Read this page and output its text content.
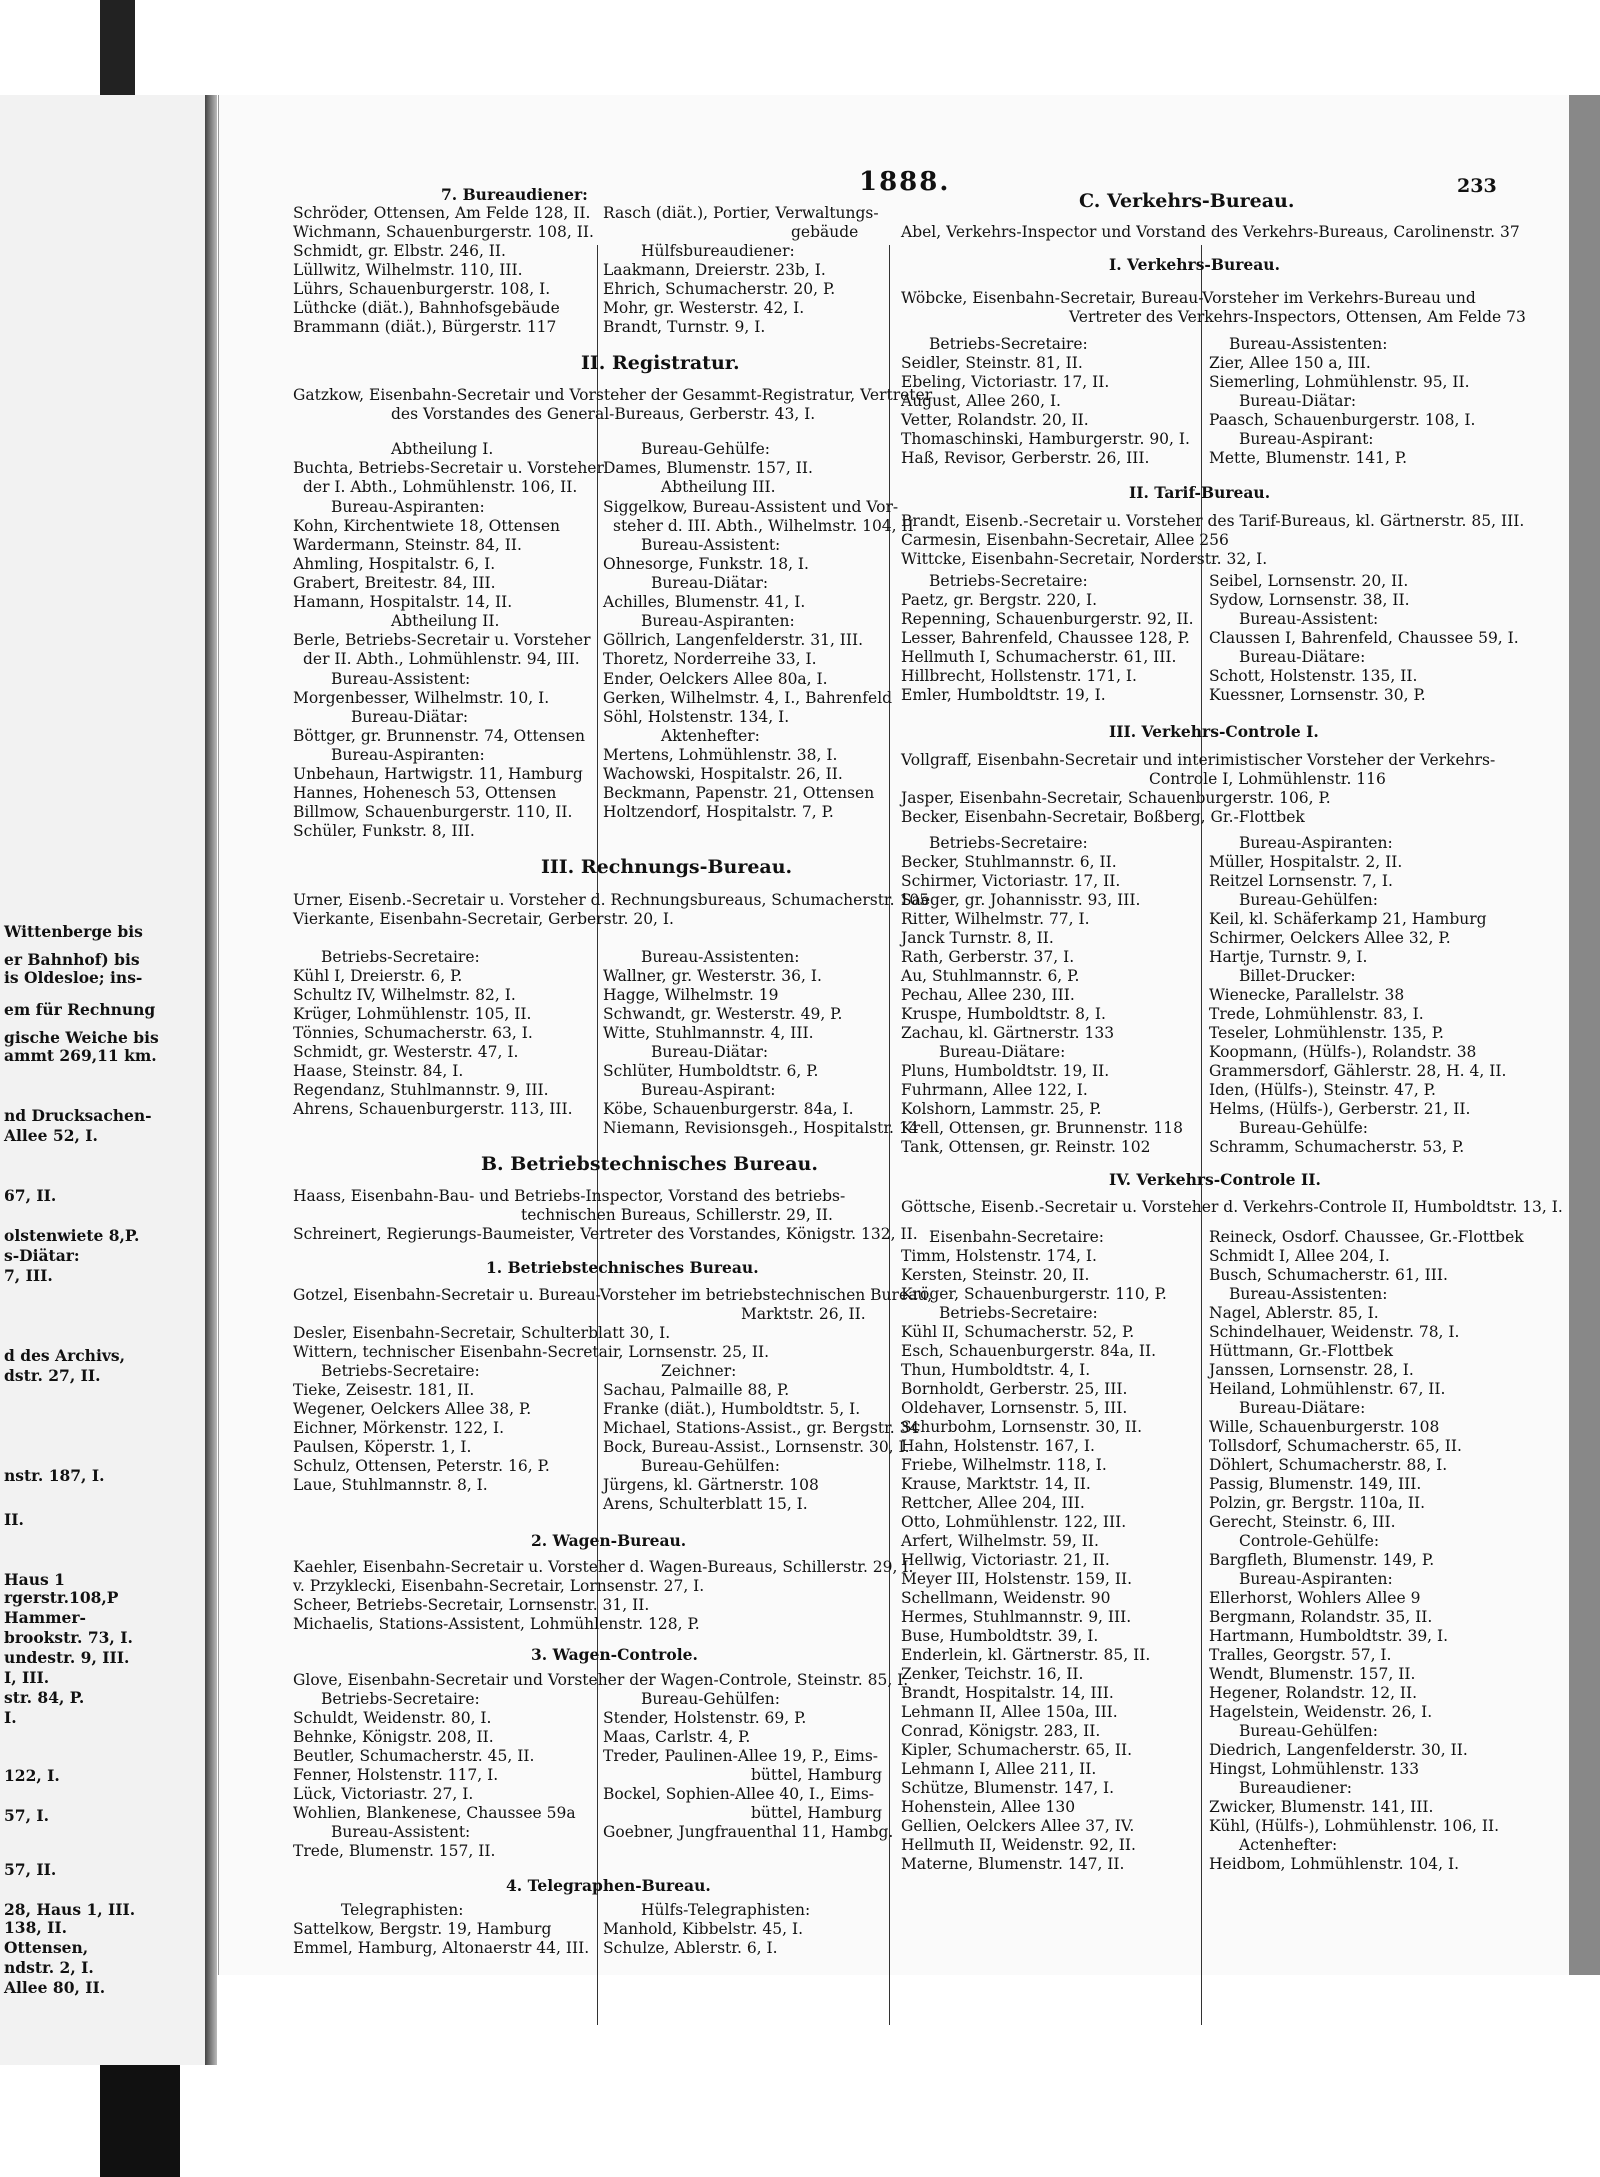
Wittenberge bis
er Bahnhof) bis
is Oldesloe; ins-
em für Rechnung
gische Weiche bis
ammt 269,11 km.
nd Drucksachen-
Allee 52, I.
67, II.
olstenwiete 8,P.
s-Diätar:
7, III.
d des Archivs,
dstr. 27, II.
nstr. 187, I.
II.
Haus 1
rgerstr.108,P
Hammer-
brookstr. 73, I.
undestr. 9, III.
I, III.
str. 84, P.
I.
122, I.
57, I.
57, II.
28, Haus 1, III.
138, II.
Ottensen,
ndstr. 2, I.
Allee 80, II.
1888.	233
7. Bureaudiener:
Schröder, Ottensen, Am Felde 128, II.
Wichmann, Schauenburgerstr. 108, II.
Schmidt, gr. Elbstr. 246, II.
Lüllwitz, Wilhelmstr. 110, III.
Lührs, Schauenburgerstr. 108, I.
Lüthcke (diät.), Bahnhofsgebäude
Brammann (diät.), Bürgerstr. 117
Abtheilung I.
Buchta, Betriebs-Secretair u. Vorsteher
der I. Abth., Lohmühlenstr. 106, II.
Bureau-Aspiranten:
Kohn, Kirchentwiete 18, Ottensen
Wardermann, Steinstr. 84, II.
Ahmling, Hospitalstr. 6, I.
Grabert, Breitestr. 84, III.
Hamann, Hospitalstr. 14, II.
Abtheilung II.
Berle, Betriebs-Secretair u. Vorsteher
der II. Abth., Lohmühlenstr. 94, III.
Bureau-Assistent:
Morgenbesser, Wilhelmstr. 10, I.
Bureau-Diätar:
Böttger, gr. Brunnenstr. 74, Ottensen
Bureau-Aspiranten:
Unbehaun, Hartwigstr. 11, Hamburg
Hannes, Hohenesch 53, Ottensen
Billmow, Schauenburgerstr. 110, II.
Schüler, Funkstr. 8, III.
Betriebs-Secretaire:
Kühl I, Dreierstr. 6, P.
Schultz IV, Wilhelmstr. 82, I.
Krüger, Lohmühlenstr. 105, II.
Tönnies, Schumacherstr. 63, I.
Schmidt, gr. Westerstr. 47, I.
Haase, Steinstr. 84, I.
Regendanz, Stuhlmannstr. 9, III.
Ahrens, Schauenburgerstr. 113, III.
Betriebs-Secretaire:
Tieke, Zeisestr. 181, II.
Wegener, Oelckers Allee 38, P.
Eichner, Mörkenstr. 122, I.
Paulsen, Köperstr. 1, I.
Schulz, Ottensen, Peterstr. 16, P.
Laue, Stuhlmannstr. 8, I.
Betriebs-Secretaire:
Schuldt, Weidenstr. 80, I.
Behnke, Königstr. 208, II.
Beutler, Schumacherstr. 45, II.
Fenner, Holstenstr. 117, I.
Lück, Victoriastr. 27, I.
Wohlien, Blankenese, Chaussee 59a
Bureau-Assistent:
Trede, Blumenstr. 157, II.
Telegraphisten:
Sattelkow, Bergstr. 19, Hamburg
Emmel, Hamburg, Altonaerstr 44, III.
Rasch (diät.), Portier, Verwaltungs-
gebäude
Hülfsbureaudiener:
Laakmann, Dreierstr. 23b, I.
Ehrich, Schumacherstr. 20, P.
Mohr, gr. Westerstr. 42, I.
Brandt, Turnstr. 9, I.
Bureau-Gehülfe:
Dames, Blumenstr. 157, II.
Abtheilung III.
Siggelkow, Bureau-Assistent und Vor-
steher d. III. Abth., Wilhelmstr. 104, II
Bureau-Assistent:
Ohnesorge, Funkstr. 18, I.
Bureau-Diätar:
Achilles, Blumenstr. 41, I.
Bureau-Aspiranten:
Göllrich, Langenfelderstr. 31, III.
Thoretz, Norderreihe 33, I.
Ender, Oelckers Allee 80a, I.
Gerken, Wilhelmstr. 4, I., Bahrenfeld
Söhl, Holstenstr. 134, I.
Aktenhefter:
Mertens, Lohmühlenstr. 38, I.
Wachowski, Hospitalstr. 26, II.
Beckmann, Papenstr. 21, Ottensen
Holtzendorf, Hospitalstr. 7, P.
Bureau-Assistenten:
Wallner, gr. Westerstr. 36, I.
Hagge, Wilhelmstr. 19
Schwandt, gr. Westerstr. 49, P.
Witte, Stuhlmannstr. 4, III.
Bureau-Diätar:
Schlüter, Humboldtstr. 6, P.
Bureau-Aspirant:
Köbe, Schauenburgerstr. 84a, I.
Niemann, Revisionsgeh., Hospitalstr. 14
Zeichner:
Sachau, Palmaille 88, P.
Franke (diät.), Humboldtstr. 5, I.
Michael, Stations-Assist., gr. Bergstr. 34
Bock, Bureau-Assist., Lornsenstr. 30, I.
Bureau-Gehülfen:
Jürgens, kl. Gärtnerstr. 108
Arens, Schulterblatt 15, I.
Bureau-Gehülfen:
Stender, Holstenstr. 69, P.
Maas, Carlstr. 4, P.
Treder, Paulinen-Allee 19, P., Eims-
büttel, Hamburg
Bockel, Sophien-Allee 40, I., Eims-
büttel, Hamburg
Goebner, Jungfrauenthal 11, Hambg.
Hülfs-Telegraphisten:
Manhold, Kibbelstr. 45, I.
Schulze, Ablerstr. 6, I.
II. Registratur.
Gatzkow, Eisenbahn-Secretair und Vorsteher der Gesammt-Registratur, Vertreter
des Vorstandes des General-Bureaus, Gerberstr. 43, I.
III. Rechnungs-Bureau.
Urner, Eisenb.-Secretair u. Vorsteher d. Rechnungsbureaus, Schumacherstr. 105
Vierkante, Eisenbahn-Secretair, Gerberstr. 20, I.
B. Betriebstechnisches Bureau.
Haass, Eisenbahn-Bau- und Betriebs-Inspector, Vorstand des betriebs-
technischen Bureaus, Schillerstr. 29, II.
Schreinert, Regierungs-Baumeister, Vertreter des Vorstandes, Königstr. 132, II.
1. Betriebstechnisches Bureau.
Gotzel, Eisenbahn-Secretair u. Bureau-Vorsteher im betriebstechnischen Bureau,
Marktstr. 26, II.
Desler, Eisenbahn-Secretair, Schulterblatt 30, I.
Wittern, technischer Eisenbahn-Secretair, Lornsenstr. 25, II.
2. Wagen-Bureau.
Kaehler, Eisenbahn-Secretair u. Vorsteher d. Wagen-Bureaus, Schillerstr. 29, I.
v. Przyklecki, Eisenbahn-Secretair, Lornsenstr. 27, I.
Scheer, Betriebs-Secretair, Lornsenstr. 31, II.
Michaelis, Stations-Assistent, Lohmühlenstr. 128, P.
3. Wagen-Controle.
Glove, Eisenbahn-Secretair und Vorsteher der Wagen-Controle, Steinstr. 85, I.
4. Telegraphen-Bureau.
C. Verkehrs-Bureau.
Abel, Verkehrs-Inspector und Vorstand des Verkehrs-Bureaus, Carolinenstr. 37
I. Verkehrs-Bureau.
Wöbcke, Eisenbahn-Secretair, Bureau-Vorsteher im Verkehrs-Bureau und
Vertreter des Verkehrs-Inspectors, Ottensen, Am Felde 73
Betriebs-Secretaire:	Bureau-Assistenten:
Seidler, Steinstr. 81, II.	Zier, Allee 150 a, III.
Ebeling, Victoriastr. 17, II.	Siemerling, Lohmühlenstr. 95, II.
August, Allee 260, I.	Bureau-Diätar:
Vetter, Rolandstr. 20, II.	Paasch, Schauenburgerstr. 108, I.
Thomaschinski, Hamburgerstr. 90, I.	Bureau-Aspirant:
Haß, Revisor, Gerberstr. 26, III.	Mette, Blumenstr. 141, P.
II. Tarif-Bureau.
Brandt, Eisenb.-Secretair u. Vorsteher des Tarif-Bureaus, kl. Gärtnerstr. 85, III.
Carmesin, Eisenbahn-Secretair, Allee 256
Wittcke, Eisenbahn-Secretair, Norderstr. 32, I.
Betriebs-Secretaire:	Seibel, Lornsenstr. 20, II.
Paetz, gr. Bergstr. 220, I.	Sydow, Lornsenstr. 38, II.
Repenning, Schauenburgerstr. 92, II.	Bureau-Assistent:
Lesser, Bahrenfeld, Chaussee 128, P. Claussen I, Bahrenfeld, Chaussee 59, I.
Hellmuth I, Schumacherstr. 61, III.	Bureau-Diätare:
Hillbrecht, Hollstenstr. 171, I.	Schott, Holstenstr. 135, II.
Emler, Humboldtstr. 19, I.	Kuessner, Lornsenstr. 30, P.
III. Verkehrs-Controle I.
Vollgraff, Eisenbahn-Secretair und interimistischer Vorsteher der Verkehrs-
Controle I, Lohmühlenstr. 116
Jasper, Eisenbahn-Secretair, Schauenburgerstr. 106, P.
Becker, Eisenbahn-Secretair, Boßberg, Gr.-Flottbek
Betriebs-Secretaire:	Bureau-Aspiranten:
Becker, Stuhlmannstr. 6, II.	Müller, Hospitalstr. 2, II.
Schirmer, Victoriastr. 17, II.	Reitzel Lornsenstr. 7, I.
Saeger, gr. Johannisstr. 93, III.	Bureau-Gehülfen:
Ritter, Wilhelmstr. 77, I.	Keil, kl. Schäferkamp 21, Hamburg
Janck Turnstr. 8, II.	Schirmer, Oelckers Allee 32, P.
Rath, Gerberstr. 37, I.	Hartje, Turnstr. 9, I.
Au, Stuhlmannstr. 6, P.	Billet-Drucker:
Pechau, Allee 230, III.	Wienecke, Parallelstr. 38
Kruspe, Humboldtstr. 8, I.	Trede, Lohmühlenstr. 83, I.
Zachau, kl. Gärtnerstr. 133	Teseler, Lohmühlenstr. 135, P.
Bureau-Diätare:	Koopmann, (Hülfs-), Rolandstr. 38
Pluns, Humboldtstr. 19, II.	Grammersdorf, Gählerstr. 28, H. 4, II.
Fuhrmann, Allee 122, I.	Iden, (Hülfs-), Steinstr. 47, P.
Kolshorn, Lammstr. 25, P.	Helms, (Hülfs-), Gerberstr. 21, II.
Krell, Ottensen, gr. Brunnenstr. 118	Bureau-Gehülfe:
Tank, Ottensen, gr. Reinstr. 102	Schramm, Schumacherstr. 53, P.
IV. Verkehrs-Controle II.
Göttsche, Eisenb.-Secretair u. Vorsteher d. Verkehrs-Controle II, Humboldtstr. 13, I.
Eisenbahn-Secretaire:	Reineck, Osdorf. Chaussee, Gr.-Flottbek
Timm, Holstenstr. 174, I.	Schmidt I, Allee 204, I.
Kersten, Steinstr. 20, II.	Busch, Schumacherstr. 61, III.
Kröger, Schauenburgerstr. 110, P.	Bureau-Assistenten:
Betriebs-Secretaire:	Nagel, Ablerstr. 85, I.
Kühl II, Schumacherstr. 52, P.	Schindelhauer, Weidenstr. 78, I.
Esch, Schauenburgerstr. 84a, II.	Hüttmann, Gr.-Flottbek
Thun, Humboldtstr. 4, I.	Janssen, Lornsenstr. 28, I.
Bornholdt, Gerberstr. 25, III.	Heiland, Lohmühlenstr. 67, II.
Oldehaver, Lornsenstr. 5, III.	Bureau-Diätare:
Schurbohm, Lornsenstr. 30, II.	Wille, Schauenburgerstr. 108
Hahn, Holstenstr. 167, I.	Tollsdorf, Schumacherstr. 65, II.
Friebe, Wilhelmstr. 118, I.	Döhlert, Schumacherstr. 88, I.
Krause, Marktstr. 14, II.	Passig, Blumenstr. 149, III.
Rettcher, Allee 204, III.	Polzin, gr. Bergstr. 110a, II.
Otto, Lohmühlenstr. 122, III.	Gerecht, Steinstr. 6, III.
Arfert, Wilhelmstr. 59, II.	Controle-Gehülfe:
Hellwig, Victoriastr. 21, II.	Bargfleth, Blumenstr. 149, P.
Meyer III, Holstenstr. 159, II.	Bureau-Aspiranten:
Schellmann, Weidenstr. 90	Ellerhorst, Wohlers Allee 9
Hermes, Stuhlmannstr. 9, III.	Bergmann, Rolandstr. 35, II.
Buse, Humboldtstr. 39, I.	Hartmann, Humboldtstr. 39, I.
Enderlein, kl. Gärtnerstr. 85, II.	Tralles, Georgstr. 57, I.
Zenker, Teichstr. 16, II.	Wendt, Blumenstr. 157, II.
Brandt, Hospitalstr. 14, III.	Hegener, Rolandstr. 12, II.
Lehmann II, Allee 150a, III.	Hagelstein, Weidenstr. 26, I.
Conrad, Königstr. 283, II.	Bureau-Gehülfen:
Kipler, Schumacherstr. 65, II.	Diedrich, Langenfelderstr. 30, II.
Lehmann I, Allee 211, II.	Hingst, Lohmühlenstr. 133
Schütze, Blumenstr. 147, I.	Bureaudiener:
Hohenstein, Allee 130	Zwicker, Blumenstr. 141, III.
Gellien, Oelckers Allee 37, IV.	Kühl, (Hülfs-), Lohmühlenstr. 106, II.
Hellmuth II, Weidenstr. 92, II.	Actenhefter:
Materne, Blumenstr. 147, II.	Heidbom, Lohmühlenstr. 104, I.
